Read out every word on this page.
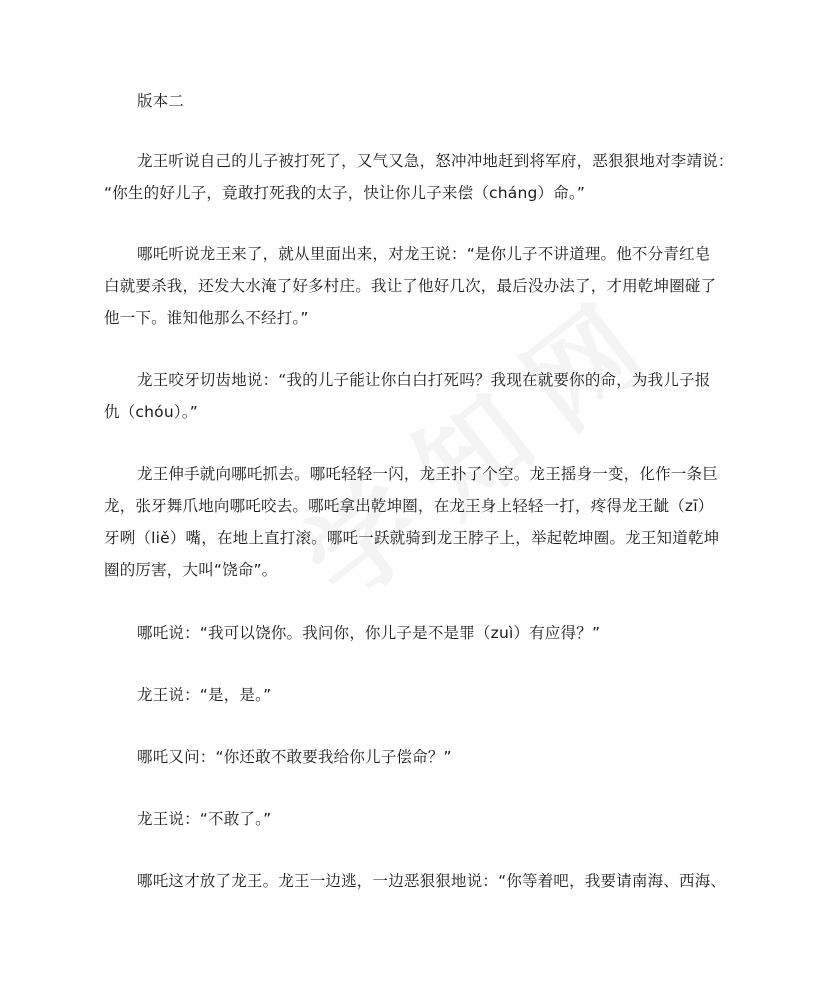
版本二
龙王听说自己的儿子被打死了，又气又急，怒冲冲地赶到将军府，恶狠狠地对李靖说：
“你生的好儿子，竟敢打死我的太子，快让你儿子来偿（cháng）命。”
哪吒听说龙王来了，就从里面出来，对龙王说：“是你儿子不讲道理。他不分青红皂
白就要杀我，还发大水淹了好多村庄。我让了他好几次，最后没办法了，才用乾坤圈碰了
他一下。谁知他那么不经打。”
龙王咬牙切齿地说：“我的儿子能让你白白打死吗？我现在就要你的命，为我儿子报
仇（chóu）。”
龙王伸手就向哪吒抓去。哪吒轻轻一闪，龙王扑了个空。龙王摇身一变，化作一条巨
龙，张牙舞爪地向哪吒咬去。哪吒拿出乾坤圈，在龙王身上轻轻一打，疼得龙王龇（zī）
牙咧（liě）嘴，在地上直打滚。哪吒一跃就骑到龙王脖子上，举起乾坤圈。龙王知道乾坤
圈的厉害，大叫“饶命”。
哪吒说：“我可以饶你。我问你，你儿子是不是罪（zuì）有应得？”
龙王说：“是，是。”
哪吒又问：“你还敢不敢要我给你儿子偿命？”
龙王说：“不敢了。”
哪吒这才放了龙王。龙王一边逃，一边恶狠狠地说：“你等着吧，我要请南海、西海、
